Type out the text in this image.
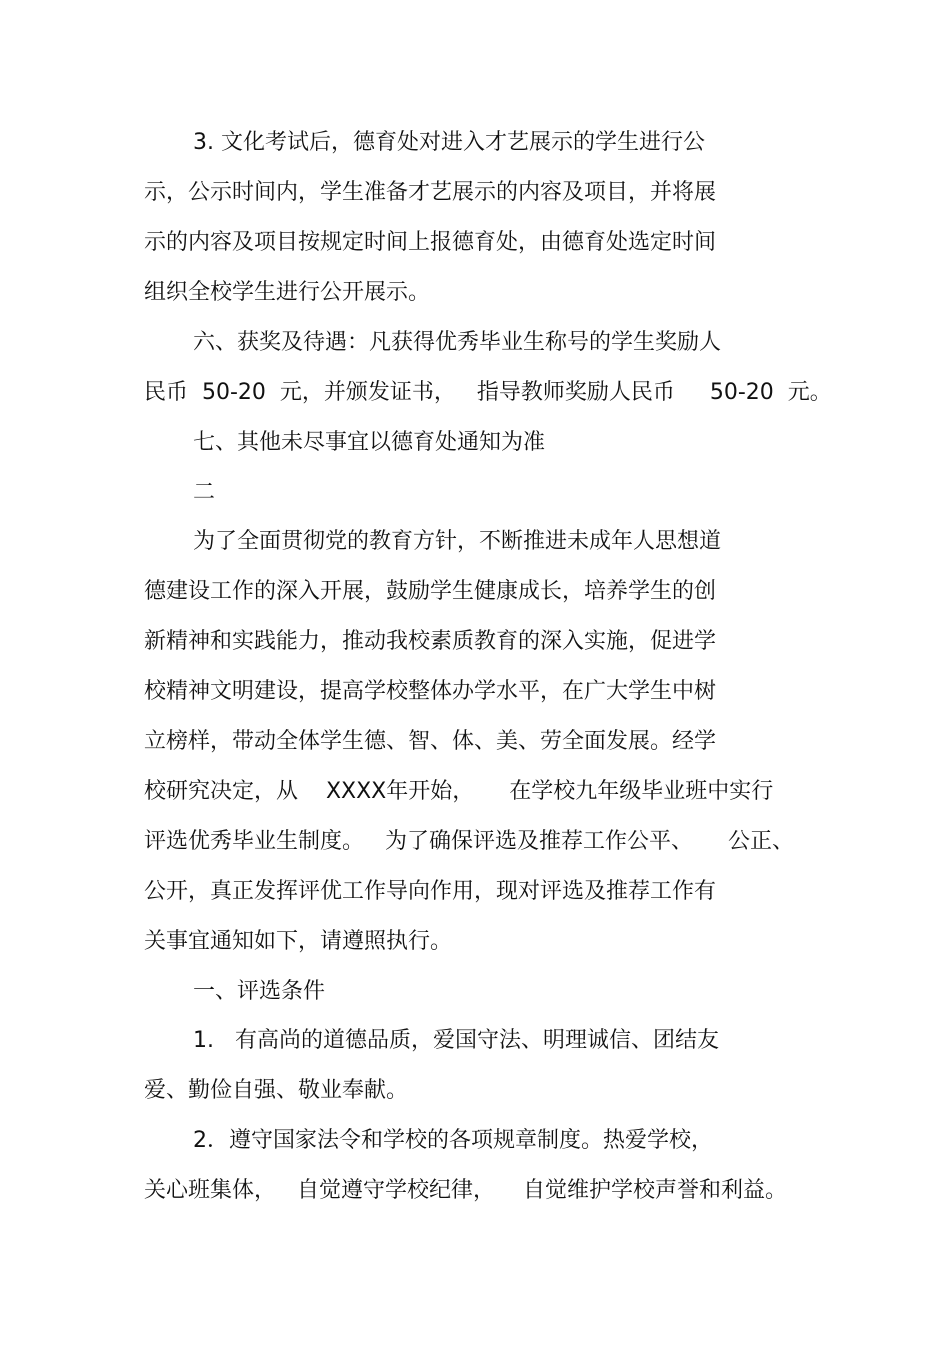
3. 文化考试后，德育处对进入才艺展示的学生进行公
示，公示时间内，学生准备才艺展示的内容及项目，并将展
示的内容及项目按规定时间上报德育处，由德育处选定时间
组织全校学生进行公开展示。
六、获奖及待遇：凡获得优秀毕业生称号的学生奖励人
民币  50-20  元，并颁发证书，   指导教师奖励人民币     50-20  元。
七、其他未尽事宜以德育处通知为准
二
为了全面贯彻党的教育方针，不断推进未成年人思想道
德建设工作的深入开展，鼓励学生健康成长，培养学生的创
新精神和实践能力，推动我校素质教育的深入实施，促进学
校精神文明建设，提高学校整体办学水平，在广大学生中树
立榜样，带动全体学生德、智、体、美、劳全面发展。经学
校研究决定，从    XXXX年开始，     在学校九年级毕业班中实行
评选优秀毕业生制度。   为了确保评选及推荐工作公平、     公正、
公开，真正发挥评优工作导向作用，现对评选及推荐工作有
关事宜通知如下，请遵照执行。
一、评选条件
1.   有高尚的道德品质，爱国守法、明理诚信、团结友
爱、勤俭自强、敬业奉献。
2．遵守国家法令和学校的各项规章制度。热爱学校，
关心班集体，   自觉遵守学校纪律，    自觉维护学校声誉和利益。
